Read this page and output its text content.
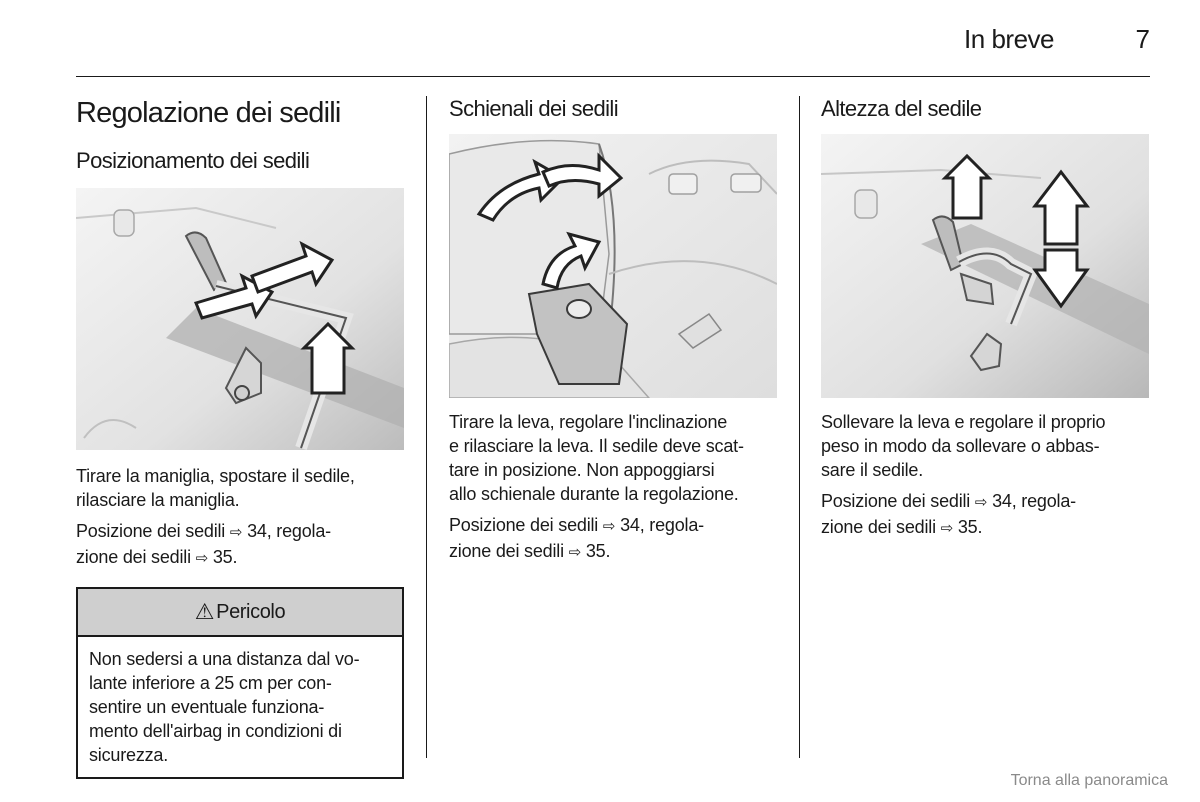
In breve	7
Regolazione dei sedili
Posizionamento dei sedili

Tirare la maniglia, spostare il sedile,
rilasciare la maniglia.

Posizione dei sedili ⇨ 34, regola-
zione dei sedili ⇨ 35.

⚠ Pericolo
Non sedersi a una distanza dal vo-
lante inferiore a 25 cm per con-
sentire un eventuale funziona-
mento dell'airbag in condizioni di
sicurezza.
Schienali dei sedili

Tirare la leva, regolare l'inclinazione
e rilasciare la leva. Il sedile deve scat-
tare in posizione. Non appoggiarsi
allo schienale durante la regolazione.

Posizione dei sedili ⇨ 34, regola-
zione dei sedili ⇨ 35.

Altezza del sedile

Sollevare la leva e regolare il proprio
peso in modo da sollevare o abbas-
sare il sedile.

Posizione dei sedili ⇨ 34, regola-
zione dei sedili ⇨ 35.

Torna alla panoramica
